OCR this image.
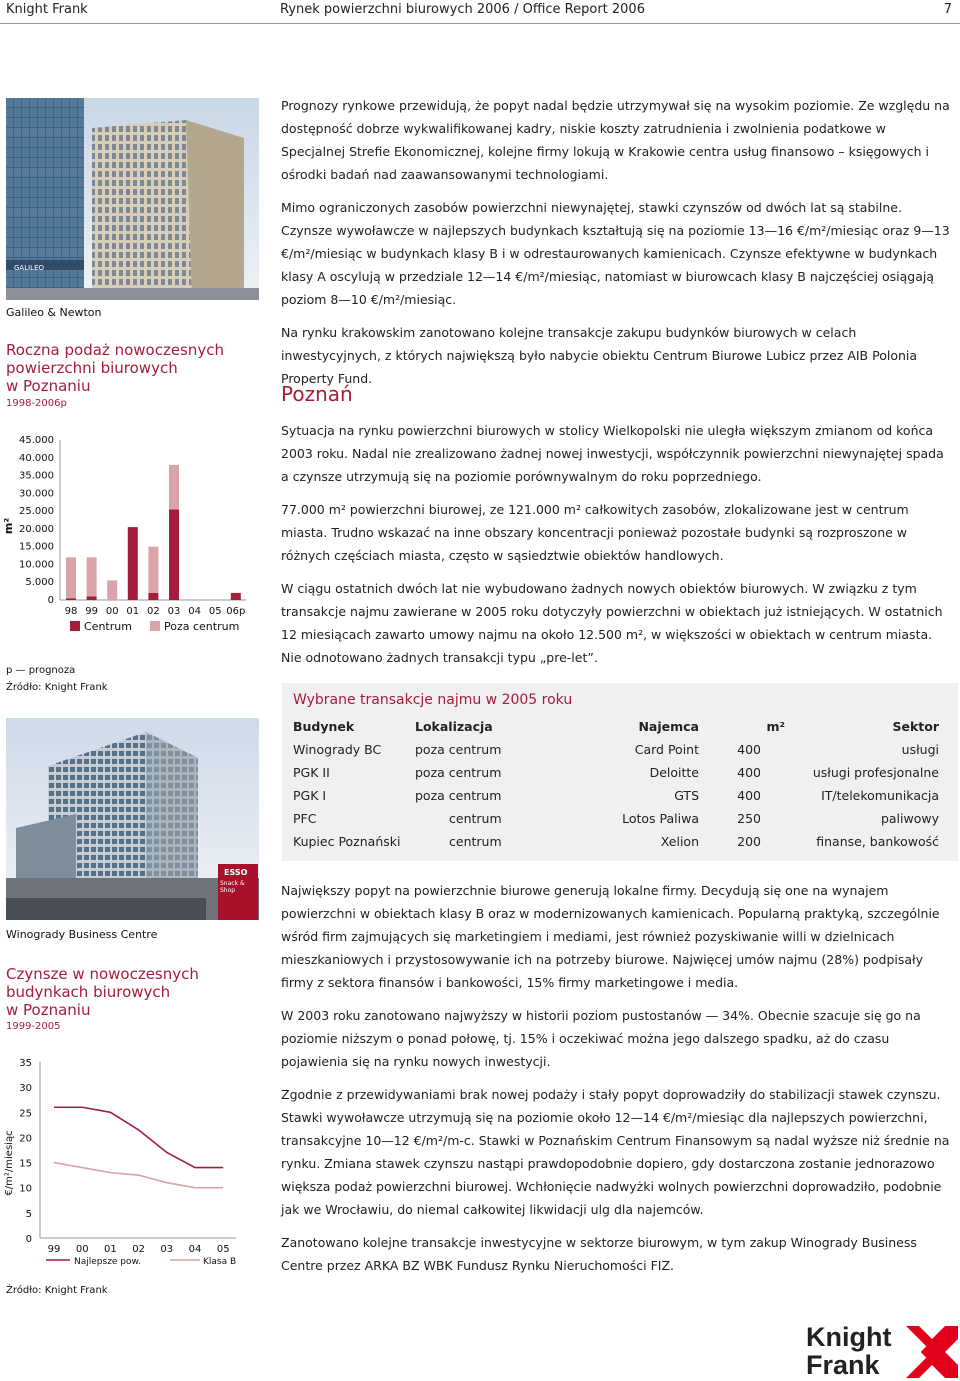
Knight Frank	Rynek powierzchni biurowych 2006 / Office Report 2006	7
GALILEO
Galileo & Newton
Roczna podaż nowoczesnych
powierzchni biurowych
w Poznaniu
1998-2006p
45.000
40.000
35.000
30.000
25.000
20.000
15.000
10.000
5.000
0
m²
98 99 00 01 02 03 04 05 06p
Centrum	Poza centrum
p — prognoza
Źródło: Knight Frank
ESSO
Snack & Shop
Winogrady Business Centre
Czynsze w nowoczesnych
budynkach biurowych
w Poznaniu
1999-2005
35
30
25
20
15
10
5
0
€/m²/miesiąc
99 00 01 02 03 04 05
Najlepsze pow.	Klasa B
Źródło: Knight Frank

Prognozy rynkowe przewidują, że popyt nadal będzie utrzymywał się na wysokim poziomie. Ze względu na dostępność dobrze wykwalifikowanej kadry, niskie koszty zatrudnienia i zwolnienia podatkowe w Specjalnej Strefie Ekonomicznej, kolejne firmy lokują w Krakowie centra usług finansowo – księgowych i ośrodki badań nad zaawansowanymi technologiami.

Mimo ograniczonych zasobów powierzchni niewynajętej, stawki czynszów od dwóch lat są stabilne. Czynsze wywoławcze w najlepszych budynkach kształtują się na poziomie 13—16 €/m²/miesiąc oraz 9—13 €/m²/miesiąc w budynkach klasy B i w odrestaurowanych kamienicach. Czynsze efektywne w budynkach klasy A oscylują w przedziale 12—14 €/m²/miesiąc, natomiast w biurowcach klasy B najczęściej osiągają poziom 8—10 €/m²/miesiąc.

Na rynku krakowskim zanotowano kolejne transakcje zakupu budynków biurowych w celach inwestycyjnych, z których największą było nabycie obiektu Centrum Biurowe Lubicz przez AIB Polonia Property Fund.

Poznań

Sytuacja na rynku powierzchni biurowych w stolicy Wielkopolski nie uległa większym zmianom od końca 2003 roku. Nadal nie zrealizowano żadnej nowej inwestycji, współczynnik powierzchni niewynajętej spada a czynsze utrzymują się na poziomie porównywalnym do roku poprzedniego.

77.000 m² powierzchni biurowej, ze 121.000 m² całkowitych zasobów, zlokalizowane jest w centrum miasta. Trudno wskazać na inne obszary koncentracji ponieważ pozostałe budynki są rozproszone w różnych częściach miasta, często w sąsiedztwie obiektów handlowych.

W ciągu ostatnich dwóch lat nie wybudowano żadnych nowych obiektów biurowych. W związku z tym transakcje najmu zawierane w 2005 roku dotyczyły powierzchni w obiektach już istniejących. W ostatnich 12 miesiącach zawarto umowy najmu na około 12.500 m², w większości w obiektach w centrum miasta. Nie odnotowano żadnych transakcji typu „pre-let”.

Wybrane transakcje najmu w 2005 roku
Budynek	Lokalizacja	Najemca	m²	Sektor
Winogrady BC	poza centrum	Card Point	400	usługi
PGK II	poza centrum	Deloitte	400	usługi profesjonalne
PGK I	poza centrum	GTS	400	IT/telekomunikacja
PFC	centrum	Lotos Paliwa	250	paliwowy
Kupiec Poznański	centrum	Xelion	200	finanse, bankowość

Największy popyt na powierzchnie biurowe generują lokalne firmy. Decydują się one na wynajem powierzchni w obiektach klasy B oraz w modernizowanych kamienicach. Popularną praktyką, szczególnie wśród firm zajmujących się marketingiem i mediami, jest również pozyskiwanie willi w dzielnicach mieszkaniowych i przystosowywanie ich na potrzeby biurowe. Najwięcej umów najmu (28%) podpisały firmy z sektora finansów i bankowości, 15% firmy marketingowe i media.

W 2003 roku zanotowano najwyższy w historii poziom pustostanów — 34%. Obecnie szacuje się go na poziomie niższym o ponad połowę, tj. 15% i oczekiwać można jego dalszego spadku, aż do czasu pojawienia się na rynku nowych inwestycji.

Zgodnie z przewidywaniami brak nowej podaży i stały popyt doprowadziły do stabilizacji stawek czynszu. Stawki wywoławcze utrzymują się na poziomie około 12—14 €/m²/miesiąc dla najlepszych powierzchni, transakcyjne 10—12 €/m²/m-c. Stawki w Poznańskim Centrum Finansowym są nadal wyższe niż średnie na rynku. Zmiana stawek czynszu nastąpi prawdopodobnie dopiero, gdy dostarczona zostanie jednorazowo większa podaż powierzchni biurowej. Wchłonięcie nadwyżki wolnych powierzchni doprowadziło, podobnie jak we Wrocławiu, do niemal całkowitej likwidacji ulg dla najemców.

Zanotowano kolejne transakcje inwestycyjne w sektorze biurowym, w tym zakup Winogrady Business Centre przez ARKA BZ WBK Fundusz Rynku Nieruchomości FIZ.

Knight
Frank
